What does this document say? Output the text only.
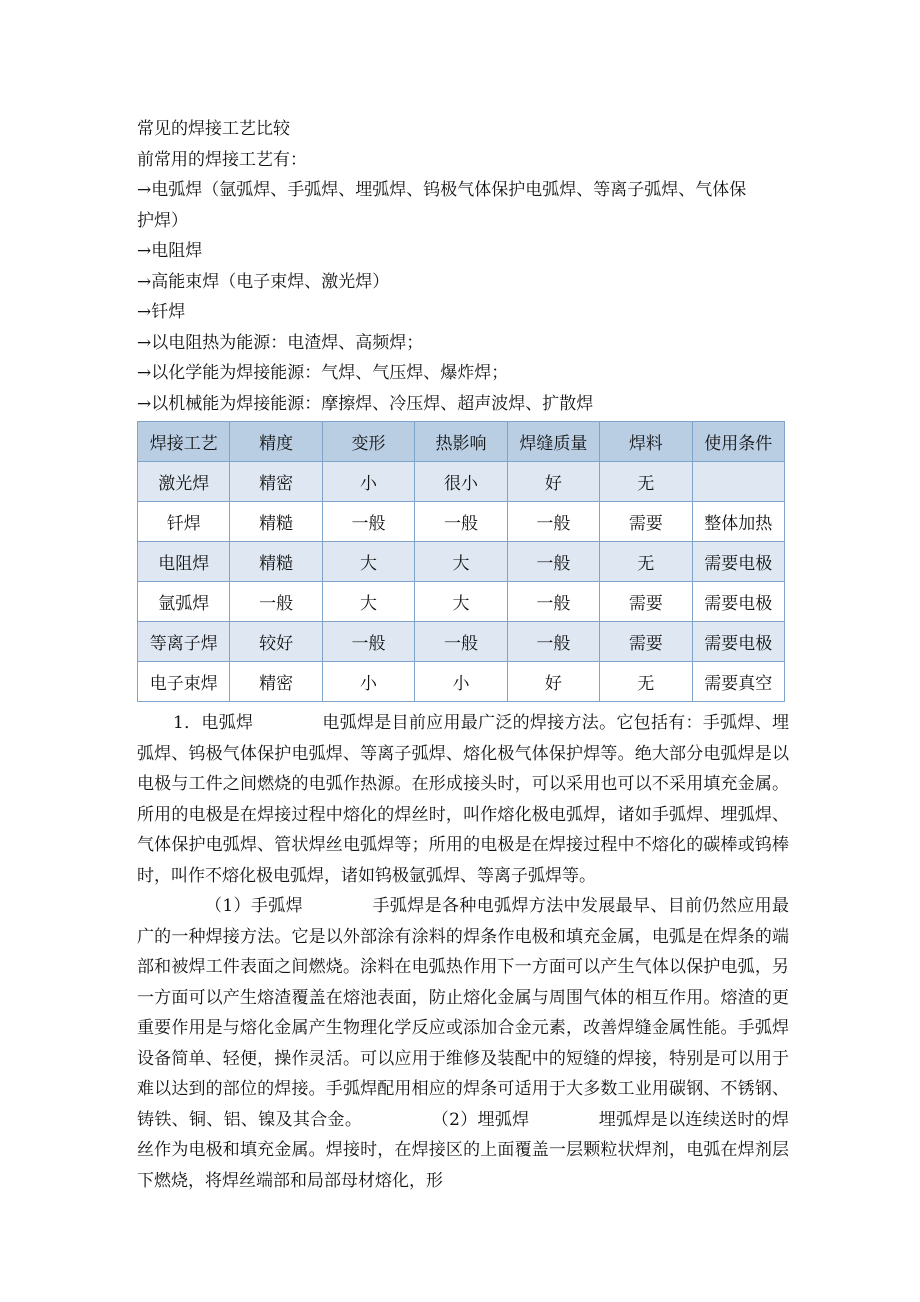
常见的焊接工艺比较
前常用的焊接工艺有：
→电弧焊（氩弧焊、手弧焊、埋弧焊、钨极气体保护电弧焊、等离子弧焊、气体保
护焊）
→电阻焊
→高能束焊（电子束焊、激光焊）
→钎焊
→以电阻热为能源：电渣焊、高频焊；
→以化学能为焊接能源：气焊、气压焊、爆炸焊；
→以机械能为焊接能源：摩擦焊、冷压焊、超声波焊、扩散焊
焊接工艺	精度	变形	热影响	焊缝质量	焊料	使用条件
激光焊	精密	小	很小	好	无	
钎焊	精糙	一般	一般	一般	需要	整体加热
电阻焊	精糙	大	大	一般	无	需要电极
氩弧焊	一般	大	大	一般	需要	需要电极
等离子焊	较好	一般	一般	一般	需要	需要电极
电子束焊	精密	小	小	好	无	需要真空

1．电弧焊　　　　电弧焊是目前应用最广泛的焊接方法。它包括有：手弧焊、埋弧焊、钨极气体保护电弧焊、等离子弧焊、熔化极气体保护焊等。绝大部分电弧焊是以电极与工件之间燃烧的电弧作热源。在形成接头时，可以采用也可以不采用填充金属。所用的电极是在焊接过程中熔化的焊丝时，叫作熔化极电弧焊，诸如手弧焊、埋弧焊、气体保护电弧焊、管状焊丝电弧焊等；所用的电极是在焊接过程中不熔化的碳棒或钨棒时，叫作不熔化极电弧焊，诸如钨极氩弧焊、等离子弧焊等。

（1）手弧焊　　　　手弧焊是各种电弧焊方法中发展最早、目前仍然应用最广的一种焊接方法。它是以外部涂有涂料的焊条作电极和填充金属，电弧是在焊条的端部和被焊工件表面之间燃烧。涂料在电弧热作用下一方面可以产生气体以保护电弧，另一方面可以产生熔渣覆盖在熔池表面，防止熔化金属与周围气体的相互作用。熔渣的更重要作用是与熔化金属产生物理化学反应或添加合金元素，改善焊缝金属性能。手弧焊设备简单、轻便，操作灵活。可以应用于维修及装配中的短缝的焊接，特别是可以用于难以达到的部位的焊接。手弧焊配用相应的焊条可适用于大多数工业用碳钢、不锈钢、铸铁、铜、铝、镍及其合金。　　　　　（2）埋弧焊　　　　埋弧焊是以连续送时的焊丝作为电极和填充金属。焊接时，在焊接区的上面覆盖一层颗粒状焊剂，电弧在焊剂层下燃烧，将焊丝端部和局部母材熔化，形
